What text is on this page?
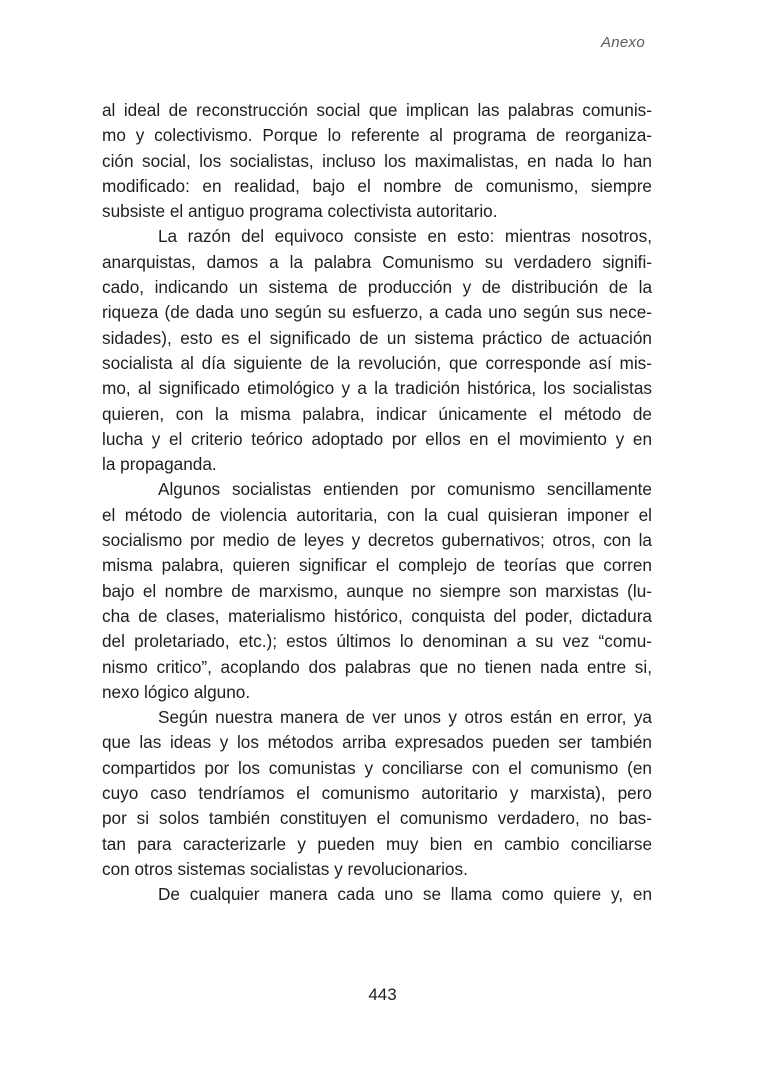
Anexo
al ideal de reconstrucción social que implican las palabras comunis-
mo y colectivismo. Porque lo referente al programa de reorganiza-
ción social, los socialistas, incluso los maximalistas, en nada lo han
modificado: en realidad, bajo el nombre de comunismo, siempre
subsiste el antiguo programa colectivista autoritario.
La razón del equivoco consiste en esto: mientras nosotros,
anarquistas, damos a la palabra Comunismo su verdadero signifi-
cado, indicando un sistema de producción y de distribución de la
riqueza (de dada uno según su esfuerzo, a cada uno según sus nece-
sidades), esto es el significado de un sistema práctico de actuación
socialista al día siguiente de la revolución, que corresponde así mis-
mo, al significado etimológico y a la tradición histórica, los socialistas
quieren, con la misma palabra, indicar únicamente el método de
lucha y el criterio teórico adoptado por ellos en el movimiento y en
la propaganda.
Algunos socialistas entienden por comunismo sencillamente
el método de violencia autoritaria, con la cual quisieran imponer el
socialismo por medio de leyes y decretos gubernativos; otros, con la
misma palabra, quieren significar el complejo de teorías que corren
bajo el nombre de marxismo, aunque no siempre son marxistas (lu-
cha de clases, materialismo histórico, conquista del poder, dictadura
del proletariado, etc.); estos últimos lo denominan a su vez “comu-
nismo critico”, acoplando dos palabras que no tienen nada entre si,
nexo lógico alguno.
Según nuestra manera de ver unos y otros están en error, ya
que las ideas y los métodos arriba expresados pueden ser también
compartidos por los comunistas y conciliarse con el comunismo (en
cuyo caso tendríamos el comunismo autoritario y marxista), pero
por si solos también constituyen el comunismo verdadero, no bas-
tan para caracterizarle y pueden muy bien en cambio conciliarse
con otros sistemas socialistas y revolucionarios.
De cualquier manera cada uno se llama como quiere y, en
443
